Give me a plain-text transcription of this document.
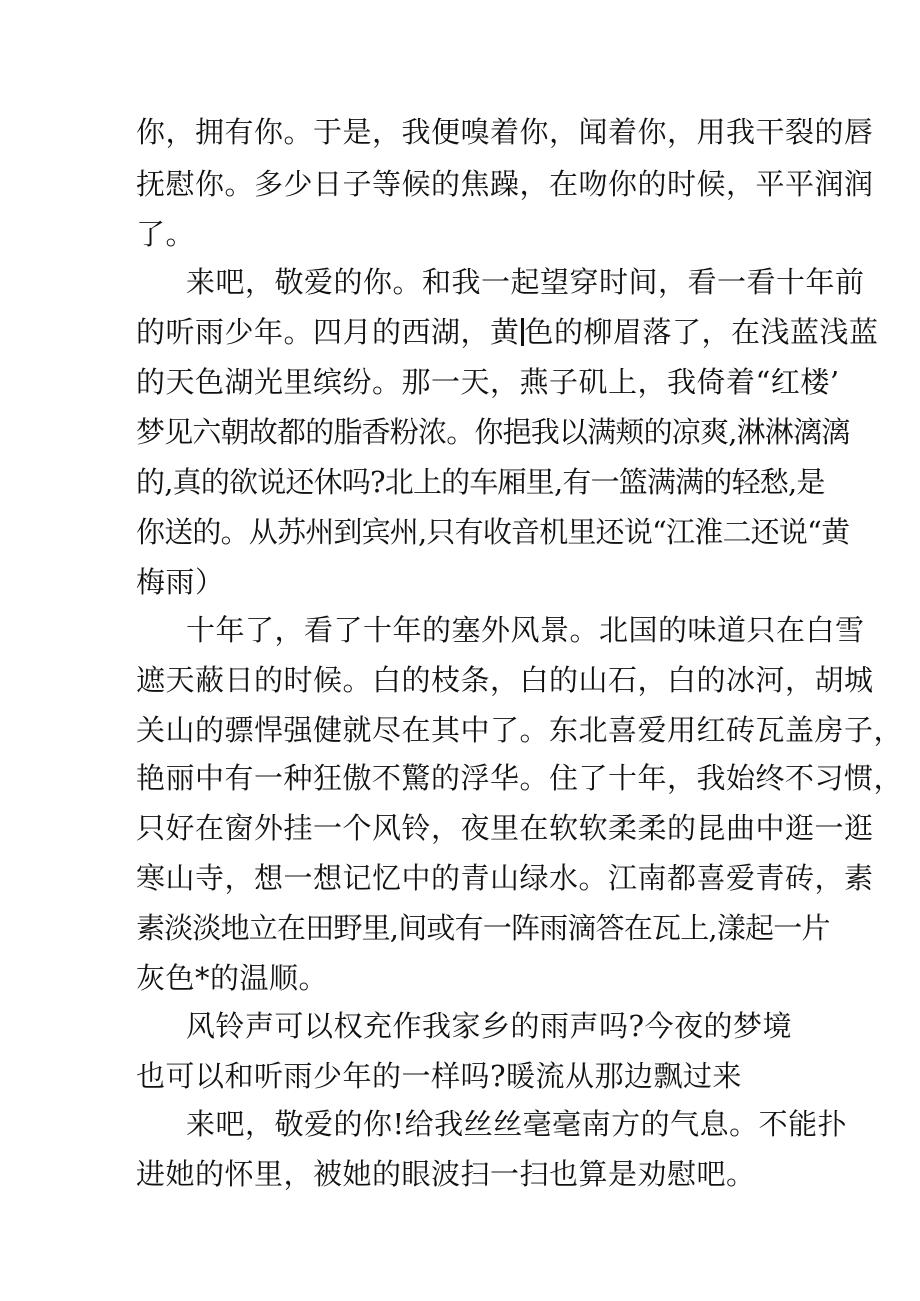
你，拥有你。于是，我便嗅着你，闻着你，用我干裂的唇
抚慰你。多少日子等候的焦躁，在吻你的时候，平平润润
了。
来吧，敬爱的你。和我一起望穿时间，看一看十年前
的听雨少年。四月的西湖，黄 色的柳眉落了，在浅蓝浅蓝
的天色湖光里缤纷。那一天，燕子矶上，我倚着“红楼’
梦见六朝故都的脂香粉浓。你挹我以满颊的凉爽,淋淋漓漓
的,真的欲说还休吗?北上的车厢里,有一篮满满的轻愁,是
你送的。从苏州到宾州,只有收音机里还说“江淮二还说“黄
梅雨）
十年了，看了十年的塞外风景。北国的味道只在白雪
遮天蔽日的时候。白的枝条，白的山石，白的冰河，胡城
关山的骠悍强健就尽在其中了。东北喜爱用红砖瓦盖房子，
艳丽中有一种狂傲不驚的浮华。住了十年，我始终不习惯，
只好在窗外挂一个风铃，夜里在软软柔柔的昆曲中逛一逛
寒山寺，想一想记忆中的青山绿水。江南都喜爱青砖，素
素淡淡地立在田野里,间或有一阵雨滴答在瓦上,漾起一片
灰色*的温顺。
风铃声可以权充作我家乡的雨声吗?今夜的梦境
也可以和听雨少年的一样吗?暖流从那边飘过来
来吧，敬爱的你!给我丝丝毫毫南方的气息。不能扑
进她的怀里，被她的眼波扫一扫也算是劝慰吧。
